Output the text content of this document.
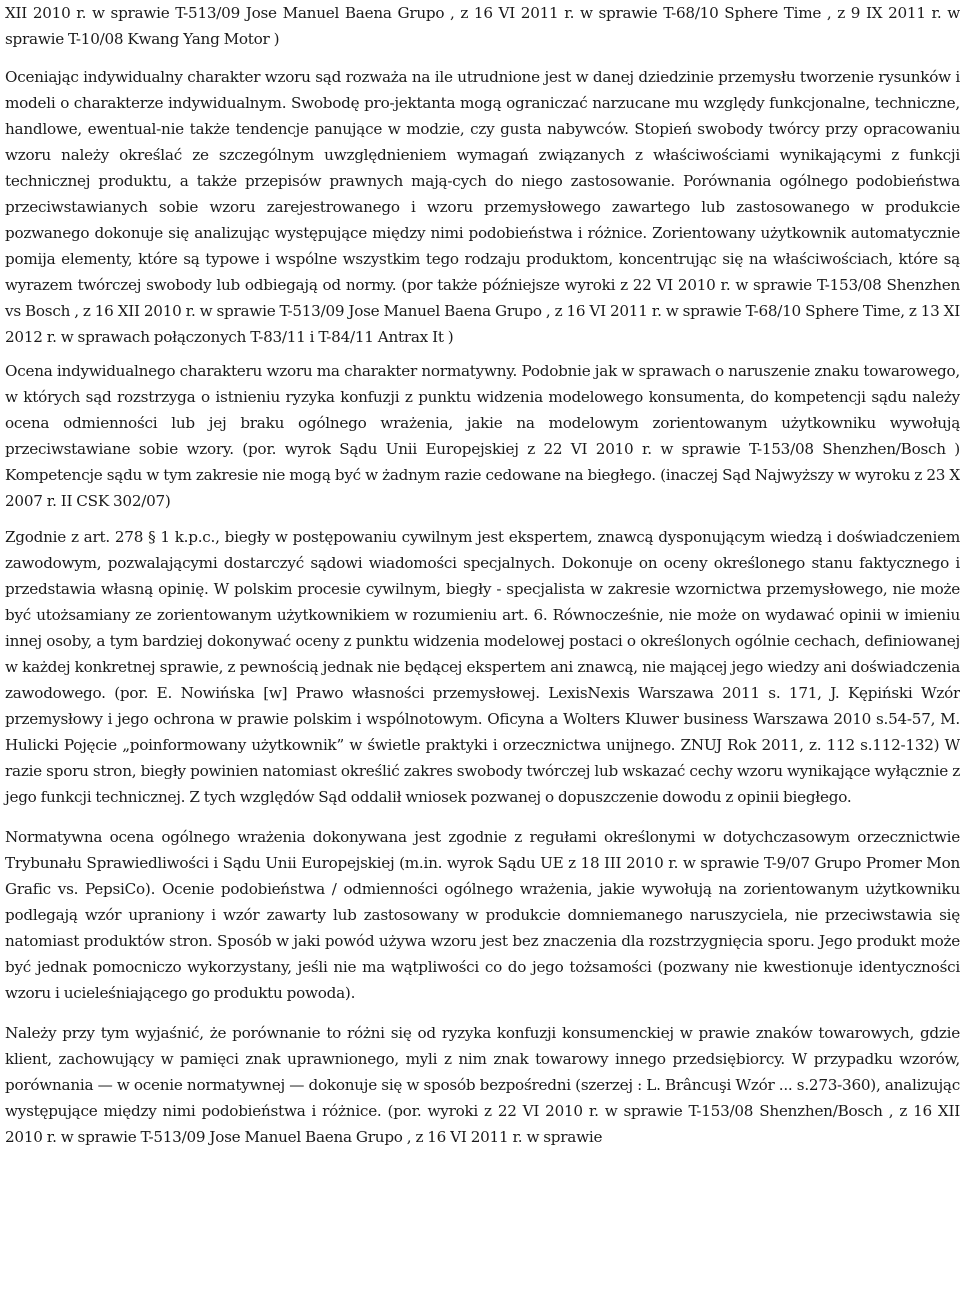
XII 2010 r. w sprawie T-513/09 Jose Manuel Baena Grupo , z 16 VI 2011 r. w sprawie T-68/10 Sphere Time , z 9 IX 2011 r. w sprawie T-10/08 Kwang Yang Motor )

Oceniając indywidualny charakter wzoru sąd rozważa na ile utrudnione jest w danej dziedzinie przemysłu tworzenie rysunków i modeli o charakterze indywidualnym. Swobodę pro-jektanta mogą ograniczać narzucane mu względy funkcjonalne, techniczne, handlowe, ewentual-nie także tendencje panujące w modzie, czy gusta nabywców. Stopień swobody twórcy przy opracowaniu wzoru należy określać ze szczególnym uwzględnieniem wymagań związanych z właściwościami wynikającymi z funkcji technicznej produktu, a także przepisów prawnych mają-cych do niego zastosowanie. Porównania ogólnego podobieństwa przeciwstawianych sobie wzoru zarejestrowanego i wzoru przemysłowego zawartego lub zastosowanego w produkcie pozwanego dokonuje się analizując występujące między nimi podobieństwa i różnice. Zorientowany użytkownik automatycznie pomija elementy, które są typowe i wspólne wszystkim tego rodzaju produktom, koncentrując się na właściwościach, które są wyrazem twórczej swobody lub odbiegają od normy. (por także późniejsze wyroki z 22 VI 2010 r. w sprawie T-153/08 Shenzhen vs Bosch , z 16 XII 2010 r. w sprawie T-513/09 Jose Manuel Baena Grupo , z 16 VI 2011 r. w sprawie T-68/10 Sphere Time, z 13 XI 2012 r. w sprawach połączonych T-83/11 i T-84/11 Antrax It )

Ocena indywidualnego charakteru wzoru ma charakter normatywny. Podobnie jak w sprawach o naruszenie znaku towarowego, w których sąd rozstrzyga o istnieniu ryzyka konfuzji z punktu widzenia modelowego konsumenta, do kompetencji sądu należy ocena odmienności lub jej braku ogólnego wrażenia, jakie na modelowym zorientowanym użytkowniku wywołują przeciwstawiane sobie wzory. (por. wyrok Sądu Unii Europejskiej z 22 VI 2010 r. w sprawie T-153/08 Shenzhen/Bosch ) Kompetencje sądu w tym zakresie nie mogą być w żadnym razie cedowane na biegłego. (inaczej Sąd Najwyższy w wyroku z 23 X 2007 r. II CSK 302/07)

Zgodnie z art. 278 § 1 k.p.c., biegły w postępowaniu cywilnym jest ekspertem, znawcą dysponującym wiedzą i doświadczeniem zawodowym, pozwalającymi dostarczyć sądowi wiadomości specjalnych. Dokonuje on oceny określonego stanu faktycznego i przedstawia własną opinię. W polskim procesie cywilnym, biegły - specjalista w zakresie wzornictwa przemysłowego, nie może być utożsamiany ze zorientowanym użytkownikiem w rozumieniu art. 6. Równocześnie, nie może on wydawać opinii w imieniu innej osoby, a tym bardziej dokonywać oceny z punktu widzenia modelowej postaci o określonych ogólnie cechach, definiowanej w każdej konkretnej sprawie, z pewnością jednak nie będącej ekspertem ani znawcą, nie mającej jego wiedzy ani doświadczenia zawodowego. (por. E. Nowińska [w] Prawo własności przemysłowej. LexisNexis Warszawa 2011 s. 171, J. Kępiński Wzór przemysłowy i jego ochrona w prawie polskim i wspólnotowym. Oficyna a Wolters Kluwer business Warszawa 2010 s.54-57, M. Hulicki Pojęcie „poinformowany użytkownik” w świetle praktyki i orzecznictwa unijnego. ZNUJ Rok 2011, z. 112 s.112-132) W razie sporu stron, biegły powinien natomiast określić zakres swobody twórczej lub wskazać cechy wzoru wynikające wyłącznie z jego funkcji technicznej. Z tych względów Sąd oddalił wniosek pozwanej o dopuszczenie dowodu z opinii biegłego.

Normatywna ocena ogólnego wrażenia dokonywana jest zgodnie z regułami określonymi w dotychczasowym orzecznictwie Trybunału Sprawiedliwości i Sądu Unii Europejskiej (m.in. wyrok Sądu UE z 18 III 2010 r. w sprawie T-9/07 Grupo Promer Mon Grafic vs. PepsiCo). Ocenie podobieństwa / odmienności ogólnego wrażenia, jakie wywołują na zorientowanym użytkowniku podlegają wzór upraniony i wzór zawarty lub zastosowany w produkcie domniemanego naruszyciela, nie przeciwstawia się natomiast produktów stron. Sposób w jaki powód używa wzoru jest bez znaczenia dla rozstrzygnięcia sporu. Jego produkt może być jednak pomocniczo wykorzystany, jeśli nie ma wątpliwości co do jego tożsamości (pozwany nie kwestionuje identyczności wzoru i ucieleśniającego go produktu powoda).

Należy przy tym wyjaśnić, że porównanie to różni się od ryzyka konfuzji konsumenckiej w prawie znaków towarowych, gdzie klient, zachowujący w pamięci znak uprawnionego, myli z nim znak towarowy innego przedsiębiorcy. W przypadku wzorów, porównania — w ocenie normatywnej — dokonuje się w sposób bezpośredni (szerzej : L. Brâncuşi Wzór ... s.273-360), analizując występujące między nimi podobieństwa i różnice. (por. wyroki z 22 VI 2010 r. w sprawie T-153/08 Shenzhen/Bosch , z 16 XII 2010 r. w sprawie T-513/09 Jose Manuel Baena Grupo , z 16 VI 2011 r. w sprawie
